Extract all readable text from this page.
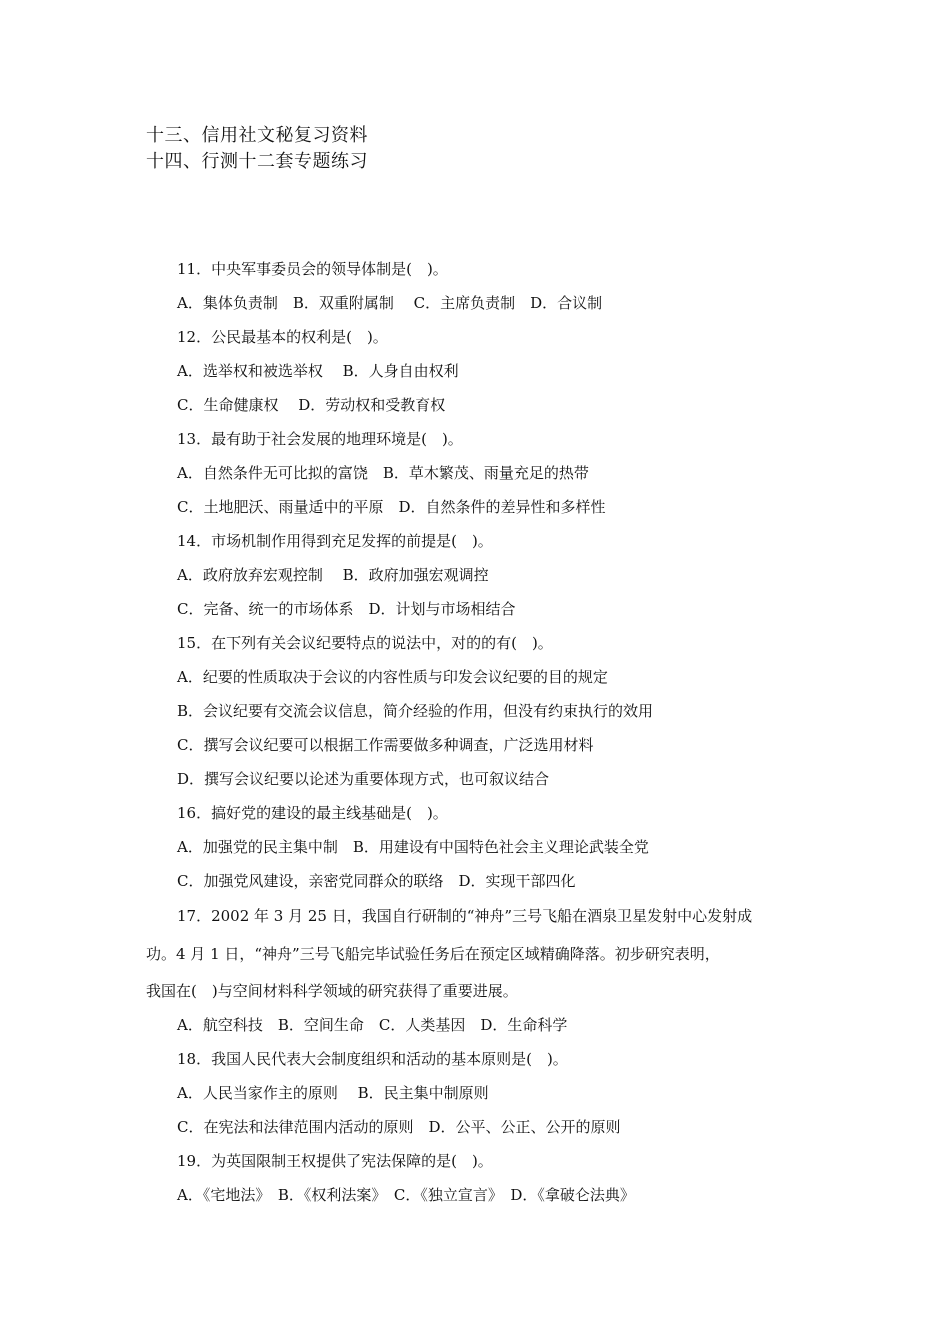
十三、信用社文秘复习资料
十四、行测十二套专题练习
11．中央军事委员会的领导体制是(　)。
A．集体负责制　B．双重附属制　 C．主席负责制　D．合议制
12．公民最基本的权利是(　)。
A．选举权和被选举权　 B．人身自由权利
C．生命健康权　 D．劳动权和受教育权
13．最有助于社会发展的地理环境是(　)。
A．自然条件无可比拟的富饶　B．草木繁茂、雨量充足的热带
C．土地肥沃、雨量适中的平原　D．自然条件的差异性和多样性
14．市场机制作用得到充足发挥的前提是(　)。
A．政府放弃宏观控制　 B．政府加强宏观调控
C．完备、统一的市场体系　D．计划与市场相结合
15．在下列有关会议纪要特点的说法中，对的的有(　)。
A．纪要的性质取决于会议的内容性质与印发会议纪要的目的规定
B．会议纪要有交流会议信息，简介经验的作用，但没有约束执行的效用
C．撰写会议纪要可以根据工作需要做多种调查，广泛选用材料
D．撰写会议纪要以论述为重要体现方式，也可叙议结合
16．搞好党的建设的最主线基础是(　)。
A．加强党的民主集中制　B．用建设有中国特色社会主义理论武装全党
C．加强党风建设，亲密党同群众的联络　D．实现干部四化
17．2002 年 3 月 25 日，我国自行研制的“神舟”三号飞船在酒泉卫星发射中心发射成
功。4 月 1 日，“神舟”三号飞船完毕试验任务后在预定区域精确降落。初步研究表明，
我国在(　)与空间材料科学领域的研究获得了重要进展。
A．航空科技　B．空间生命　C．人类基因　D．生命科学
18．我国人民代表大会制度组织和活动的基本原则是(　)。
A．人民当家作主的原则　 B．民主集中制原则
C．在宪法和法律范围内活动的原则　D．公平、公正、公开的原则
19．为英国限制王权提供了宪法保障的是(　)。
A．《宅地法》　B．《权利法案》　C．《独立宣言》　D．《拿破仑法典》
